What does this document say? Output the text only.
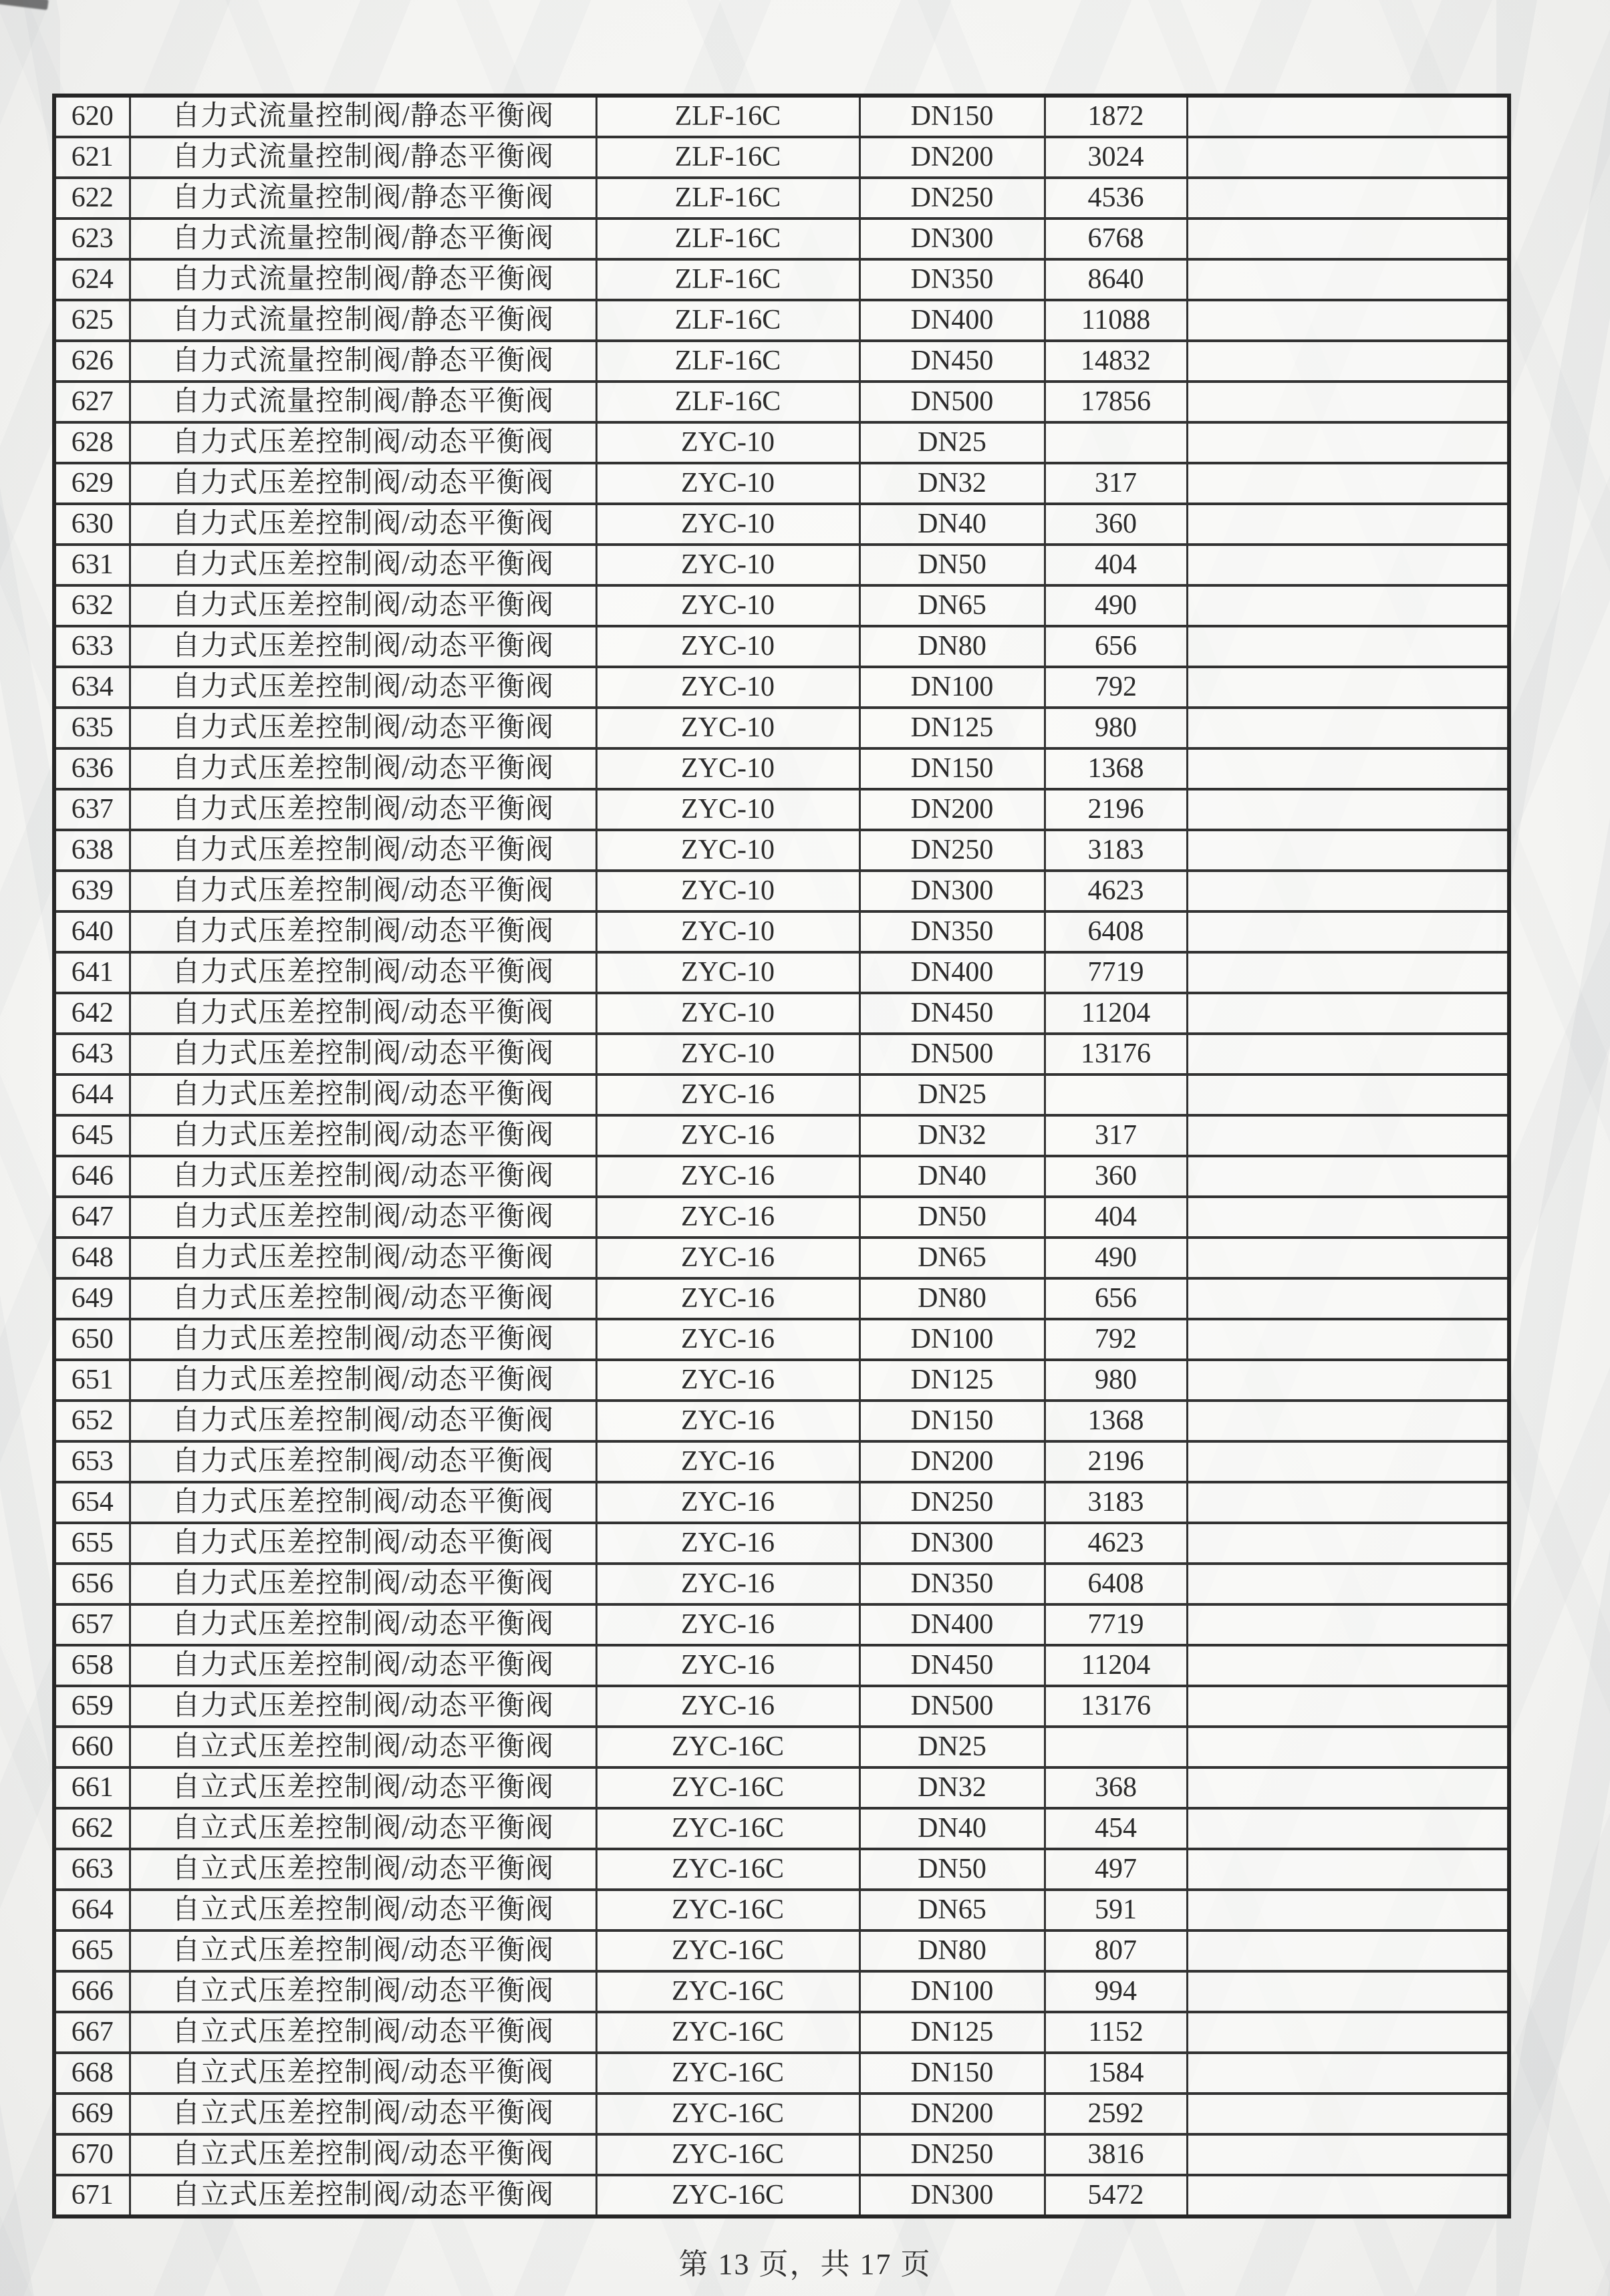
620	自力式流量控制阀/静态平衡阀	ZLF-16C	DN150	1872	
621	自力式流量控制阀/静态平衡阀	ZLF-16C	DN200	3024	
622	自力式流量控制阀/静态平衡阀	ZLF-16C	DN250	4536	
623	自力式流量控制阀/静态平衡阀	ZLF-16C	DN300	6768	
624	自力式流量控制阀/静态平衡阀	ZLF-16C	DN350	8640	
625	自力式流量控制阀/静态平衡阀	ZLF-16C	DN400	11088	
626	自力式流量控制阀/静态平衡阀	ZLF-16C	DN450	14832	
627	自力式流量控制阀/静态平衡阀	ZLF-16C	DN500	17856	
628	自力式压差控制阀/动态平衡阀	ZYC-10	DN25		
629	自力式压差控制阀/动态平衡阀	ZYC-10	DN32	317	
630	自力式压差控制阀/动态平衡阀	ZYC-10	DN40	360	
631	自力式压差控制阀/动态平衡阀	ZYC-10	DN50	404	
632	自力式压差控制阀/动态平衡阀	ZYC-10	DN65	490	
633	自力式压差控制阀/动态平衡阀	ZYC-10	DN80	656	
634	自力式压差控制阀/动态平衡阀	ZYC-10	DN100	792	
635	自力式压差控制阀/动态平衡阀	ZYC-10	DN125	980	
636	自力式压差控制阀/动态平衡阀	ZYC-10	DN150	1368	
637	自力式压差控制阀/动态平衡阀	ZYC-10	DN200	2196	
638	自力式压差控制阀/动态平衡阀	ZYC-10	DN250	3183	
639	自力式压差控制阀/动态平衡阀	ZYC-10	DN300	4623	
640	自力式压差控制阀/动态平衡阀	ZYC-10	DN350	6408	
641	自力式压差控制阀/动态平衡阀	ZYC-10	DN400	7719	
642	自力式压差控制阀/动态平衡阀	ZYC-10	DN450	11204	
643	自力式压差控制阀/动态平衡阀	ZYC-10	DN500	13176	
644	自力式压差控制阀/动态平衡阀	ZYC-16	DN25		
645	自力式压差控制阀/动态平衡阀	ZYC-16	DN32	317	
646	自力式压差控制阀/动态平衡阀	ZYC-16	DN40	360	
647	自力式压差控制阀/动态平衡阀	ZYC-16	DN50	404	
648	自力式压差控制阀/动态平衡阀	ZYC-16	DN65	490	
649	自力式压差控制阀/动态平衡阀	ZYC-16	DN80	656	
650	自力式压差控制阀/动态平衡阀	ZYC-16	DN100	792	
651	自力式压差控制阀/动态平衡阀	ZYC-16	DN125	980	
652	自力式压差控制阀/动态平衡阀	ZYC-16	DN150	1368	
653	自力式压差控制阀/动态平衡阀	ZYC-16	DN200	2196	
654	自力式压差控制阀/动态平衡阀	ZYC-16	DN250	3183	
655	自力式压差控制阀/动态平衡阀	ZYC-16	DN300	4623	
656	自力式压差控制阀/动态平衡阀	ZYC-16	DN350	6408	
657	自力式压差控制阀/动态平衡阀	ZYC-16	DN400	7719	
658	自力式压差控制阀/动态平衡阀	ZYC-16	DN450	11204	
659	自力式压差控制阀/动态平衡阀	ZYC-16	DN500	13176	
660	自立式压差控制阀/动态平衡阀	ZYC-16C	DN25		
661	自立式压差控制阀/动态平衡阀	ZYC-16C	DN32	368	
662	自立式压差控制阀/动态平衡阀	ZYC-16C	DN40	454	
663	自立式压差控制阀/动态平衡阀	ZYC-16C	DN50	497	
664	自立式压差控制阀/动态平衡阀	ZYC-16C	DN65	591	
665	自立式压差控制阀/动态平衡阀	ZYC-16C	DN80	807	
666	自立式压差控制阀/动态平衡阀	ZYC-16C	DN100	994	
667	自立式压差控制阀/动态平衡阀	ZYC-16C	DN125	1152	
668	自立式压差控制阀/动态平衡阀	ZYC-16C	DN150	1584	
669	自立式压差控制阀/动态平衡阀	ZYC-16C	DN200	2592	
670	自立式压差控制阀/动态平衡阀	ZYC-16C	DN250	3816	
671	自立式压差控制阀/动态平衡阀	ZYC-16C	DN300	5472	
第 13 页，共 17 页
